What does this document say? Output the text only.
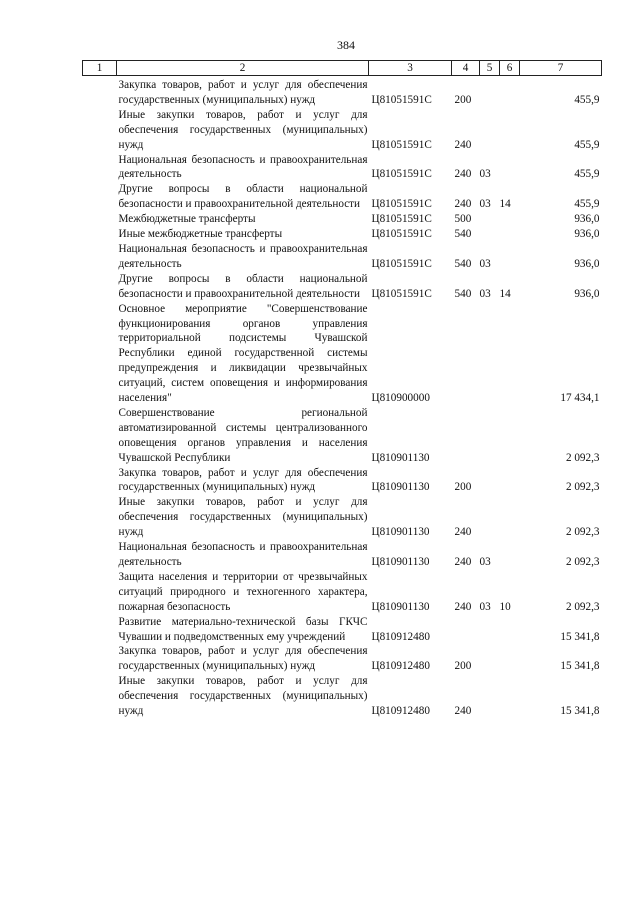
384
1	2	3	4	5	6	7
	Закупка товаров, работ и услуг для обеспечения государственных (муниципальных) нужд	Ц81051591С	200			455,9
	Иные закупки товаров, работ и услуг для обеспечения государственных (муниципальных) нужд	Ц81051591С	240			455,9
	Национальная безопасность и правоохранительная деятельность	Ц81051591С	240	03		455,9
	Другие вопросы в области национальной безопасности и правоохранительной деятельности	Ц81051591С	240	03	14	455,9
	Межбюджетные трансферты	Ц81051591С	500			936,0
	Иные межбюджетные трансферты	Ц81051591С	540			936,0
	Национальная безопасность и правоохранительная деятельность	Ц81051591С	540	03		936,0
	Другие вопросы в области национальной безопасности и правоохранительной деятельности	Ц81051591С	540	03	14	936,0
	Основное мероприятие "Совершенствование функционирования органов управления территориальной подсистемы Чувашской Республики единой государственной системы предупреждения и ликвидации чрезвычайных ситуаций, систем оповещения и информирования населения"	Ц810900000				17 434,1
	Совершенствование региональной автоматизированной системы централизованного оповещения органов управления и населения Чувашской Республики	Ц810901130				2 092,3
	Закупка товаров, работ и услуг для обеспечения государственных (муниципальных) нужд	Ц810901130	200			2 092,3
	Иные закупки товаров, работ и услуг для обеспечения государственных (муниципальных) нужд	Ц810901130	240			2 092,3
	Национальная безопасность и правоохранительная деятельность	Ц810901130	240	03		2 092,3
	Защита населения и территории от чрезвычайных ситуаций природного и техногенного характера, пожарная безопасность	Ц810901130	240	03	10	2 092,3
	Развитие материально-технической базы ГКЧС Чувашии и подведомственных ему учреждений	Ц810912480				15 341,8
	Закупка товаров, работ и услуг для обеспечения государственных (муниципальных) нужд	Ц810912480	200			15 341,8
	Иные закупки товаров, работ и услуг для обеспечения государственных (муниципальных) нужд	Ц810912480	240			15 341,8
